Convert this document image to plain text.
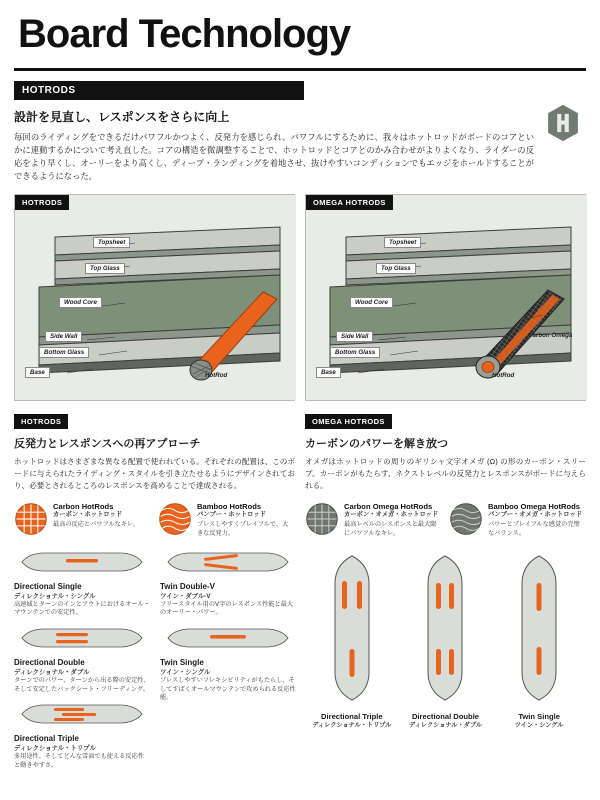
Board Technology
HOTRODS
設計を見直し、レスポンスをさらに向上
毎回のライディングをできるだけパワフルかつよく、反発力を感じられ、パワフルにするために、我々はホットロッドがボードのコアといかに連動するかについて考え直した。コアの構造を微調整することで、ホットロッドとコアとのかみ合わせがよりよくなり、ライダーの反応をより早くし、オーリーをより高くし、ディープ・ランディングを着地させ、抜けやすいコンディションでもエッジをホールドすることができるようになった。
HOTRODS
Topsheet
Top Glass
Wood Core
Side Wall
Bottom Glass
Base	HotRod
OMEGA HOTRODS
Topsheet
Top Glass
Wood Core
Side Wall
Bottom Glass
Base	HotRod
Carbon Omega
HOTRODS
反発力とレスポンスへの再アプローチ
ホットロッドはさまざまな異なる配置で使われている。それぞれの配置は、このボードに与えられたライディング・スタイルを引き立たせるようにデザインされており、必要とされるところのレスポンスを高めることで達成される。
Carbon HotRods
カーボン・ホットロッド
最高の反応とパワフルなキレ。
Bamboo HotRods
バンブー・ホットロッド
プレスしやすくプレイフルで、大きな反発力。
Directional Single
ディレクショナル・シングル
高速域とターンのインとアウトにおけるオール・マウンテンでの安定性。
Directional Double
ディレクショナル・ダブル
ターンでのパワー、ターンから出る際の安定性、そして安定したバックシート・フリーディング。
Directional Triple
ディレクショナル・トリプル
多用途性、そしてどんな雪面でも使える反応性と動きやすさ。
Twin Double-V
ツイン・ダブル-V
フリースタイル用のV字のレスポンス性能と最大のオーリー・パワー。
Twin Single
ツイン・シングル
プレスしやすいフレキシビリティがもたらし、そしてすばくオールマウンテンで攻められる反応性能。
OMEGA HOTRODS
カーボンのパワーを解き放つ
オメガはホットロッドの周りのギリシャ文字オメガ (Ω) の形のカーボン・スリーブ。カーボンがもたらす、ネクストレベルの反発力とレスポンスがボードに与えられる。
Carbon Omega HotRods
カーボン・オメガ・ホットロッド
最高レベルのレスポンスと最大限にパワフルなキレ。
Bamboo Omega HotRods
バンブー・オメガ・ホットロッド
パワーとプレイフルな感覚の完璧なバランス。
Directional Triple
ディレクショナル・トリプル
Directional Double
ディレクショナル・ダブル
Twin Single
ツイン・シングル
